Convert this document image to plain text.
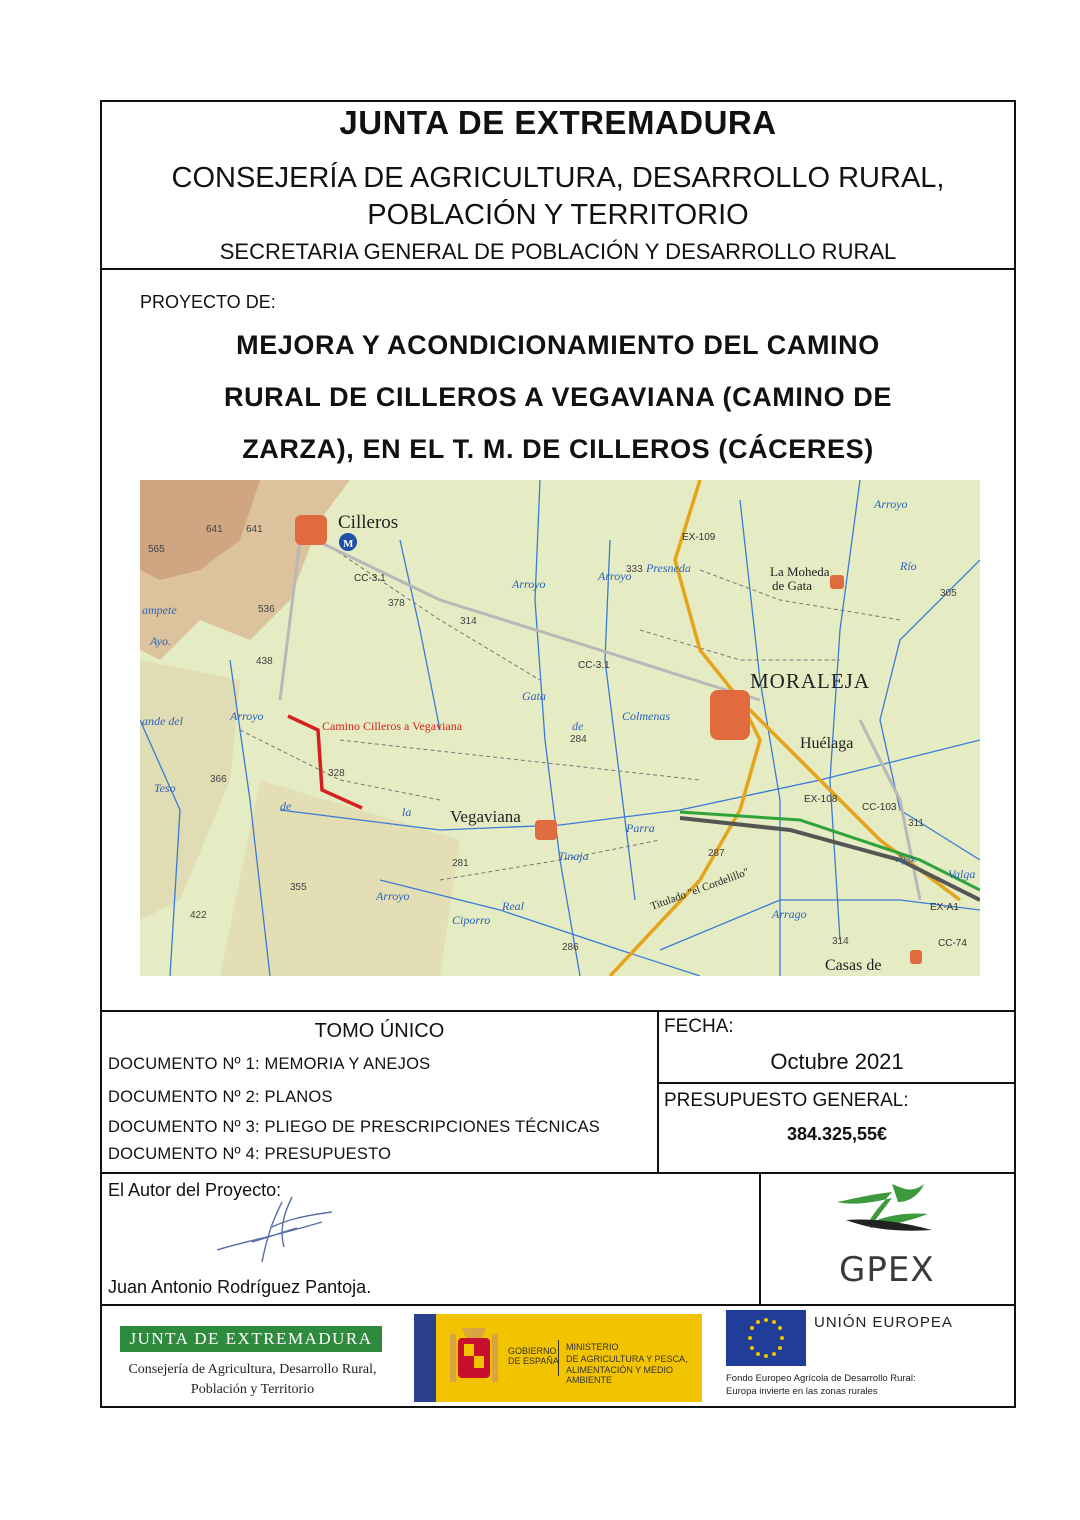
JUNTA DE EXTREMADURA
CONSEJERÍA DE AGRICULTURA, DESARROLLO RURAL,
POBLACIÓN Y TERRITORIO
SECRETARIA GENERAL DE POBLACIÓN Y DESARROLLO RURAL
PROYECTO DE:
MEJORA Y ACONDICIONAMIENTO DEL CAMINO
RURAL DE CILLEROS A VEGAVIANA (CAMINO DE
ZARZA), EN EL T. M. DE CILLEROS (CÁCERES)
Cilleros
M
MORALEJA
Vegaviana
Huélaga
La Moheda
de Gata
Casas de
Camino Cilleros a Vegaviana
CC-3.1
CC-3.1
EX-109
EX-108
CC-103
EX-A1
CC-74
Arroyo
Arroyo
de	la
Arroyo
de
Colmenas
Presneda
Gata
Arroyo
Ciporro
Real
Tinaja
Parra
Río
Arroyo
Ayo.
Valga
Arrago
ampete
Ayo.
ande del
Teso
641 641
565
536
438
378
314
333
366
328
284
281
355
422
287
314
286
305
311
Titulado "el Cordelillo"
TOMO ÚNICO
DOCUMENTO Nº 1: MEMORIA Y ANEJOS
DOCUMENTO Nº 2: PLANOS
DOCUMENTO Nº 3: PLIEGO DE PRESCRIPCIONES TÉCNICAS
DOCUMENTO Nº 4: PRESUPUESTO
FECHA:
Octubre 2021
PRESUPUESTO GENERAL:
384.325,55€
El Autor del Proyecto:
Juan Antonio Rodríguez Pantoja.	GPEX
JUNTA DE EXTREMADURA
Consejería de Agricultura, Desarrollo Rural,
Población y Territorio
GOBIERNO
DE ESPAÑA
MINISTERIO
DE AGRICULTURA Y PESCA,
ALIMENTACIÓN Y MEDIO AMBIENTE
UNIÓN EUROPEA
Fondo Europeo Agrícola de Desarrollo Rural:
Europa invierte en las zonas rurales
